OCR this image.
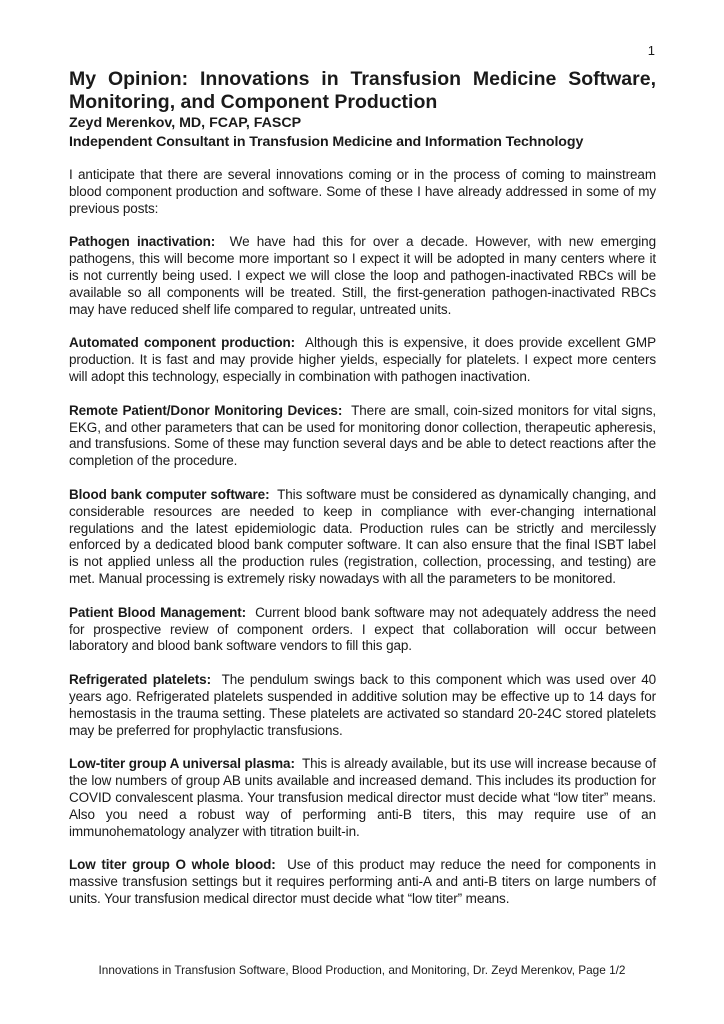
1
My Opinion: Innovations in Transfusion Medicine Software, Monitoring, and Component Production

Zeyd Merenkov, MD, FCAP, FASCP

Independent Consultant in Transfusion Medicine and Information Technology

I anticipate that there are several innovations coming or in the process of coming to mainstream blood component production and software. Some of these I have already addressed in some of my previous posts:

Pathogen inactivation: We have had this for over a decade. However, with new emerging pathogens, this will become more important so I expect it will be adopted in many centers where it is not currently being used. I expect we will close the loop and pathogen-inactivated RBCs will be available so all components will be treated. Still, the first-generation pathogen-inactivated RBCs may have reduced shelf life compared to regular, untreated units.

Automated component production: Although this is expensive, it does provide excellent GMP production. It is fast and may provide higher yields, especially for platelets. I expect more centers will adopt this technology, especially in combination with pathogen inactivation.

Remote Patient/Donor Monitoring Devices: There are small, coin-sized monitors for vital signs, EKG, and other parameters that can be used for monitoring donor collection, therapeutic apheresis, and transfusions. Some of these may function several days and be able to detect reactions after the completion of the procedure.

Blood bank computer software: This software must be considered as dynamically changing, and considerable resources are needed to keep in compliance with ever-changing international regulations and the latest epidemiologic data. Production rules can be strictly and mercilessly enforced by a dedicated blood bank computer software. It can also ensure that the final ISBT label is not applied unless all the production rules (registration, collection, processing, and testing) are met. Manual processing is extremely risky nowadays with all the parameters to be monitored.

Patient Blood Management: Current blood bank software may not adequately address the need for prospective review of component orders. I expect that collaboration will occur between laboratory and blood bank software vendors to fill this gap.

Refrigerated platelets: The pendulum swings back to this component which was used over 40 years ago. Refrigerated platelets suspended in additive solution may be effective up to 14 days for hemostasis in the trauma setting. These platelets are activated so standard 20-24C stored platelets may be preferred for prophylactic transfusions.

Low-titer group A universal plasma: This is already available, but its use will increase because of the low numbers of group AB units available and increased demand. This includes its production for COVID convalescent plasma. Your transfusion medical director must decide what “low titer” means. Also you need a robust way of performing anti-B titers, this may require use of an immunohematology analyzer with titration built-in.

Low titer group O whole blood: Use of this product may reduce the need for components in massive transfusion settings but it requires performing anti-A and anti-B titers on large numbers of units. Your transfusion medical director must decide what “low titer” means.

Innovations in Transfusion Software, Blood Production, and Monitoring, Dr. Zeyd Merenkov, Page 1/2
